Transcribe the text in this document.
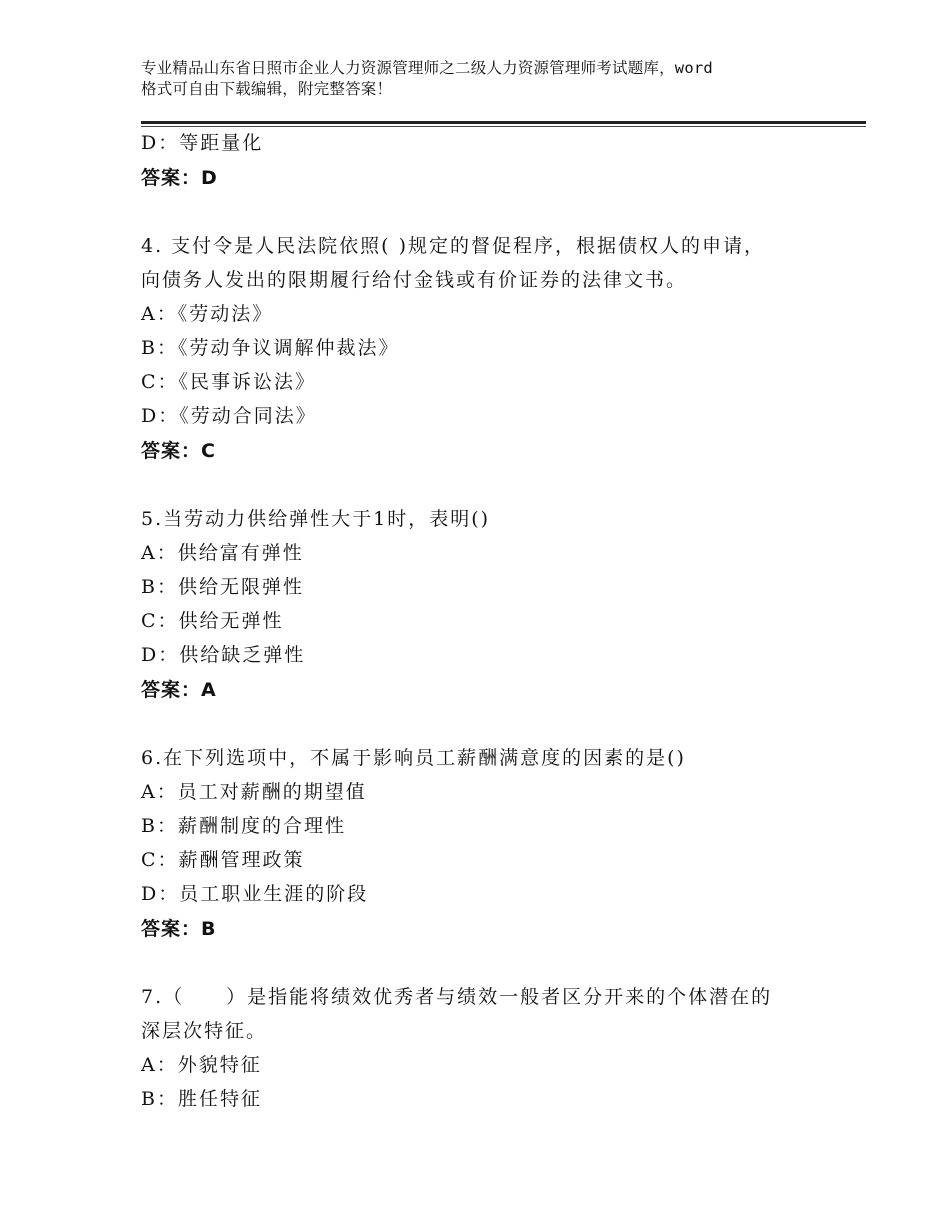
专业精品山东省日照市企业人力资源管理师之二级人力资源管理师考试题库，word
格式可自由下载编辑，附完整答案！
D：等距量化
答案：D
4. 支付令是人民法院依照( )规定的督促程序，根据债权人的申请，
向债务人发出的限期履行给付金钱或有价证券的法律文书。
A：《劳动法》
B：《劳动争议调解仲裁法》
C：《民事诉讼法》
D：《劳动合同法》
答案：C
5.当劳动力供给弹性大于1时，表明()
A：供给富有弹性
B：供给无限弹性
C：供给无弹性
D：供给缺乏弹性
答案：A
6.在下列选项中，不属于影响员工薪酬满意度的因素的是()
A：员工对薪酬的期望值
B：薪酬制度的合理性
C：薪酬管理政策
D：员工职业生涯的阶段
答案：B
7.（　　）是指能将绩效优秀者与绩效一般者区分开来的个体潜在的
深层次特征。
A：外貌特征
B：胜任特征
